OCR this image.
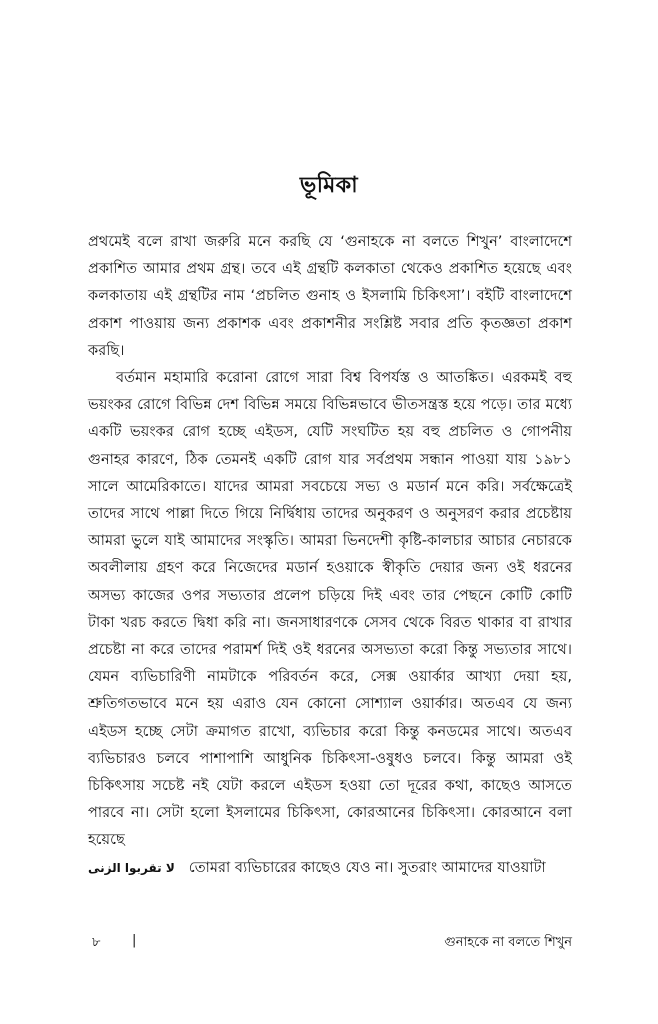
ভূমিকা

প্রথমেই বলে রাখা জরুরি মনে করছি যে ‘গুনাহকে না বলতে শিখুন’ বাংলাদেশে প্রকাশিত আমার প্রথম গ্রন্থ। তবে এই গ্রন্থটি কলকাতা থেকেও প্রকাশিত হয়েছে এবং কলকাতায় এই গ্রন্থটির নাম ‘প্রচলিত গুনাহ ও ইসলামি চিকিৎসা’। বইটি বাংলাদেশে প্রকাশ পাওয়ায় জন্য প্রকাশক এবং প্রকাশনীর সংশ্লিষ্ট সবার প্রতি কৃতজ্ঞতা প্রকাশ করছি।

বর্তমান মহামারি করোনা রোগে সারা বিশ্ব বিপর্যস্ত ও আতঙ্কিত। এরকমই বহু ভয়ংকর রোগে বিভিন্ন দেশ বিভিন্ন সময়ে বিভিন্নভাবে ভীতসন্ত্রস্ত হয়ে পড়ে। তার মধ্যে একটি ভয়ংকর রোগ হচ্ছে এইডস, যেটি সংঘটিত হয় বহু প্রচলিত ও গোপনীয় গুনাহর কারণে, ঠিক তেমনই একটি রোগ যার সর্বপ্রথম সন্ধান পাওয়া যায় ১৯৮১ সালে আমেরিকাতে। যাদের আমরা সবচেয়ে সভ্য ও মডার্ন মনে করি। সর্বক্ষেত্রেই তাদের সাথে পাল্লা দিতে গিয়ে নির্দ্বিধায় তাদের অনুকরণ ও অনুসরণ করার প্রচেষ্টায় আমরা ভুলে যাই আমাদের সংস্কৃতি। আমরা ভিনদেশী কৃষ্টি-কালচার আচার নেচারকে অবলীলায় গ্রহণ করে নিজেদের মডার্ন হওয়াকে স্বীকৃতি দেয়ার জন্য ওই ধরনের অসভ্য কাজের ওপর সভ্যতার প্রলেপ চড়িয়ে দিই এবং তার পেছনে কোটি কোটি টাকা খরচ করতে দ্বিধা করি না। জনসাধারণকে সেসব থেকে বিরত থাকার বা রাখার প্রচেষ্টা না করে তাদের পরামর্শ দিই ওই ধরনের অসভ্যতা করো কিন্তু সভ্যতার সাথে। যেমন ব্যভিচারিণী নামটাকে পরিবর্তন করে, সেক্স ওয়ার্কার আখ্যা দেয়া হয়, শ্রুতিগতভাবে মনে হয় এরাও যেন কোনো সোশ্যাল ওয়ার্কার। অতএব যে জন্য এইডস হচ্ছে সেটা ক্রমাগত রাখো, ব্যভিচার করো কিন্তু কনডমের সাথে। অতএব ব্যভিচারও চলবে পাশাপাশি আধুনিক চিকিৎসা-ওষুধও চলবে। কিন্তু আমরা ওই চিকিৎসায় সচেষ্ট নই যেটা করলে এইডস হওয়া তো দূরের কথা, কাছেও আসতে পারবে না। সেটা হলো ইসলামের চিকিৎসা, কোরআনের চিকিৎসা। কোরআনে বলা হয়েছে

لا تقربوا الزنى তোমরা ব্যভিচারের কাছেও যেও না। সুতরাং আমাদের যাওয়াটা

৮ |	গুনাহকে না বলতে শিখুন
